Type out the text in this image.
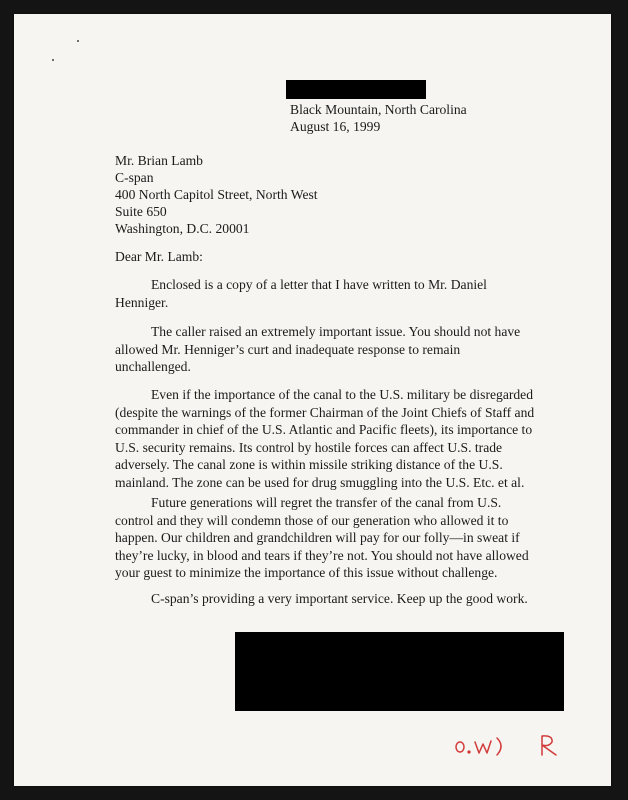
Black Mountain, North Carolina
August 16, 1999
Mr. Brian Lamb
C-span
400 North Capitol Street, North West
Suite 650
Washington, D.C. 20001
Dear Mr. Lamb:
Enclosed is a copy of a letter that I have written to Mr. Daniel
Henniger.
The caller raised an extremely important issue. You should not have
allowed Mr. Henniger’s curt and inadequate response to remain
unchallenged.
Even if the importance of the canal to the U.S. military be disregarded
(despite the warnings of the former Chairman of the Joint Chiefs of Staff and
commander in chief of the U.S. Atlantic and Pacific fleets), its importance to
U.S. security remains. Its control by hostile forces can affect U.S. trade
adversely. The canal zone is within missile striking distance of the U.S.
mainland. The zone can be used for drug smuggling into the U.S. Etc. et al.
Future generations will regret the transfer of the canal from U.S.
control and they will condemn those of our generation who allowed it to
happen. Our children and grandchildren will pay for our folly—in sweat if
they’re lucky, in blood and tears if they’re not. You should not have allowed
your guest to minimize the importance of this issue without challenge.
C-span’s providing a very important service. Keep up the good work.
